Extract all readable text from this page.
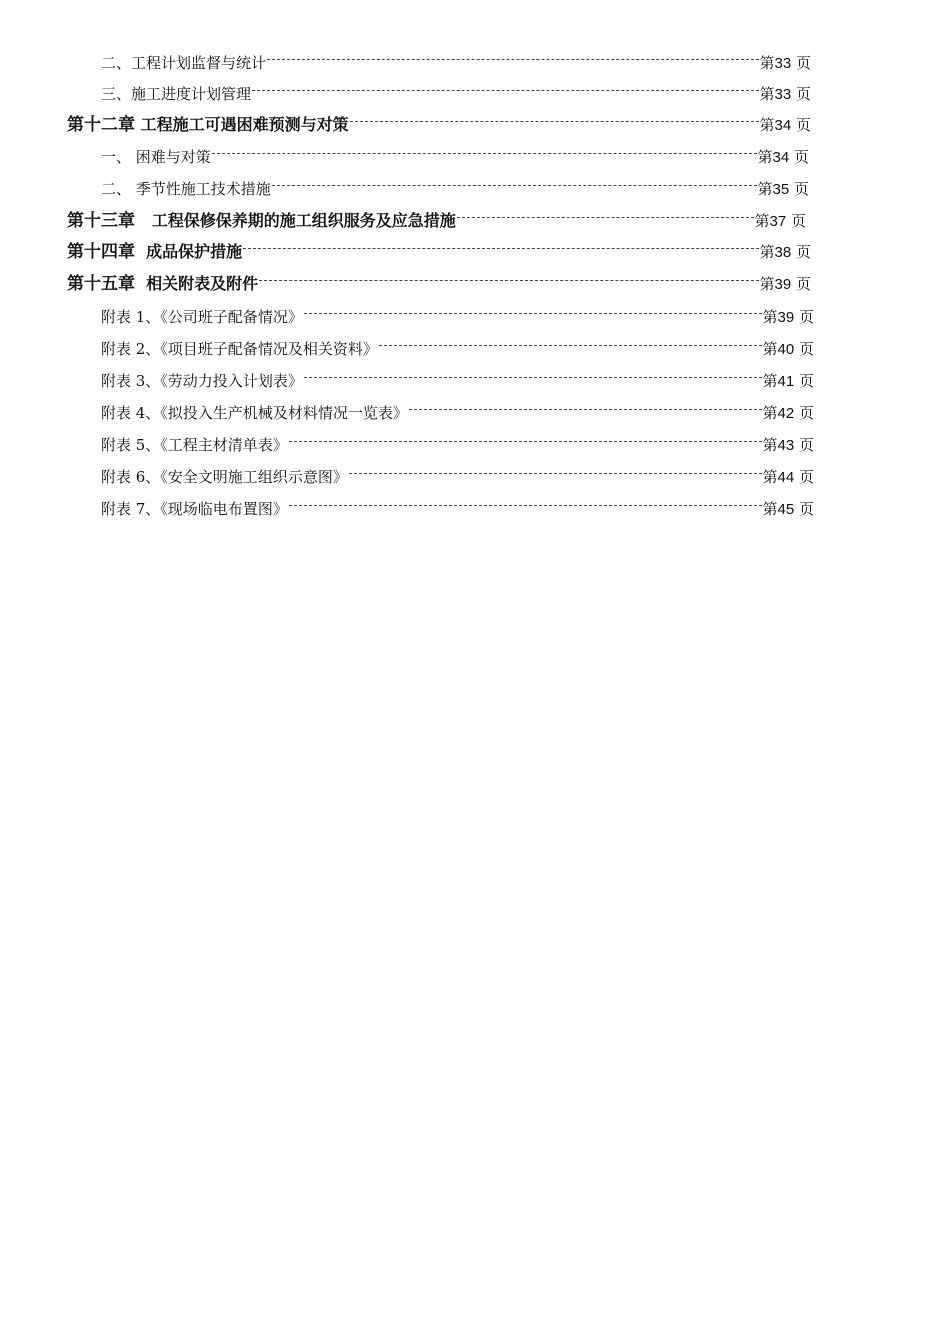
二、工程计划监督与统计	第33 页
三、施工进度计划管理	第33 页
第十二章 工程施工可遇困难预测与对策	第34 页
一、 困难与对策	第34 页
二、 季节性施工技术措施	第35 页
第十三章 工程保修保养期的施工组织服务及应急措施	第37 页
第十四章 成品保护措施	第38 页
第十五章 相关附表及附件	第39 页
附表 1、《公司班子配备情况》	第39 页
附表 2、《项目班子配备情况及相关资料》	第40 页
附表 3、《劳动力投入计划表》	第41 页
附表 4、《拟投入生产机械及材料情况一览表》	第42 页
附表 5、《工程主材清单表》	第43 页
附表 6、《安全文明施工组织示意图》	第44 页
附表 7、《现场临电布置图》	第45 页
